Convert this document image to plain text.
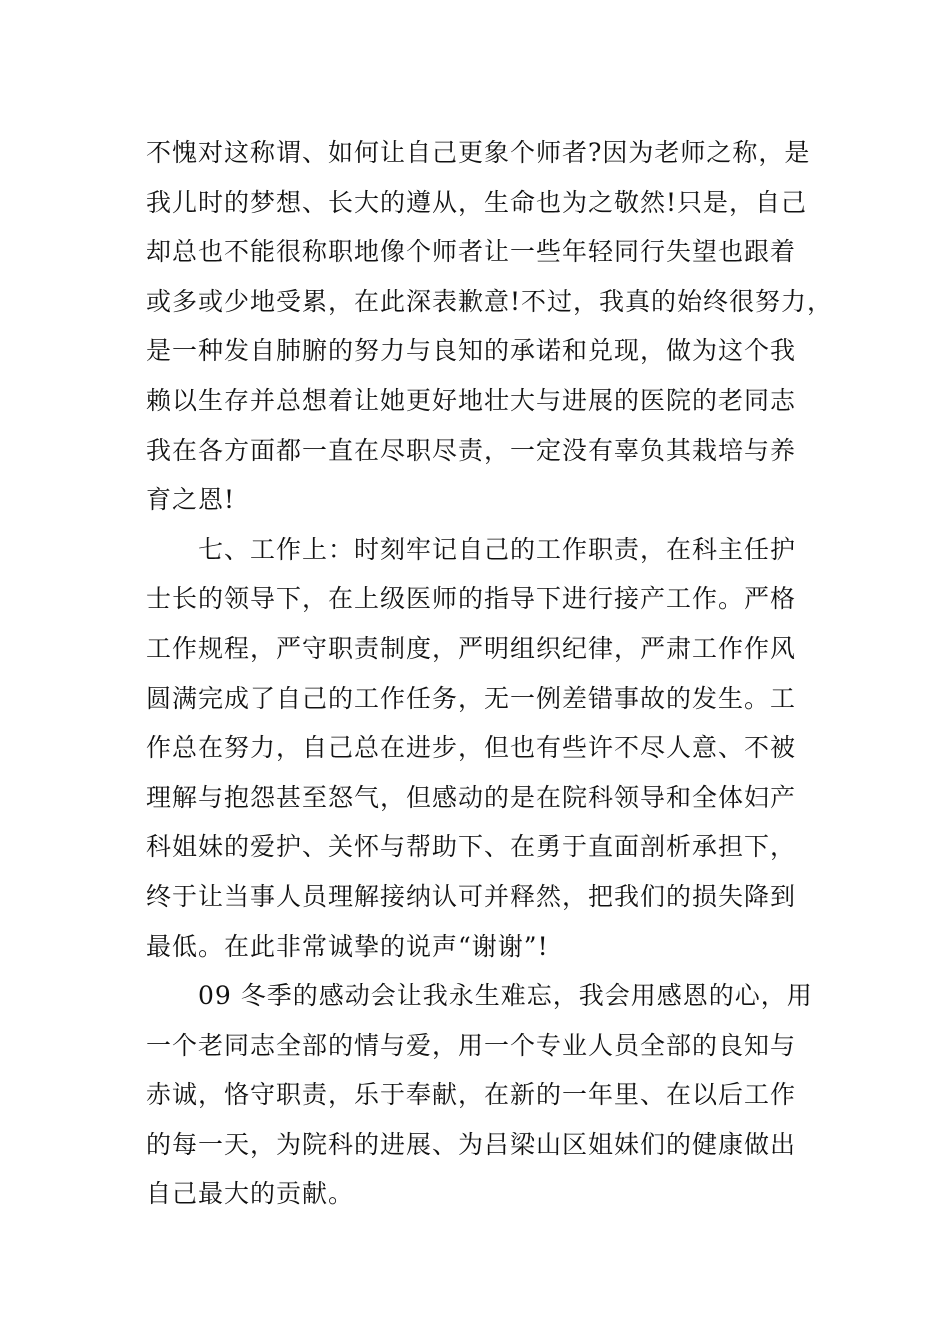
不愧对这称谓、如何让自己更象个师者?因为老师之称，是
我儿时的梦想、长大的遵从，生命也为之敬然!只是，自己
却总也不能很称职地像个师者让一些年轻同行失望也跟着
或多或少地受累，在此深表歉意!不过，我真的始终很努力，
是一种发自肺腑的努力与良知的承诺和兑现，做为这个我
赖以生存并总想着让她更好地壮大与进展的医院的老同志
我在各方面都一直在尽职尽责，一定没有辜负其栽培与养
育之恩!
七、工作上：时刻牢记自己的工作职责，在科主任护
士长的领导下，在上级医师的指导下进行接产工作。严格
工作规程，严守职责制度，严明组织纪律，严肃工作作风
圆满完成了自己的工作任务，无一例差错事故的发生。工
作总在努力，自己总在进步，但也有些许不尽人意、不被
理解与抱怨甚至怒气，但感动的是在院科领导和全体妇产
科姐妹的爱护、关怀与帮助下、在勇于直面剖析承担下，
终于让当事人员理解接纳认可并释然，把我们的损失降到
最低。在此非常诚挚的说声“谢谢”!
09 冬季的感动会让我永生难忘，我会用感恩的心，用
一个老同志全部的情与爱，用一个专业人员全部的良知与
赤诚，恪守职责，乐于奉献，在新的一年里、在以后工作
的每一天，为院科的进展、为吕梁山区姐妹们的健康做出
自己最大的贡献。
